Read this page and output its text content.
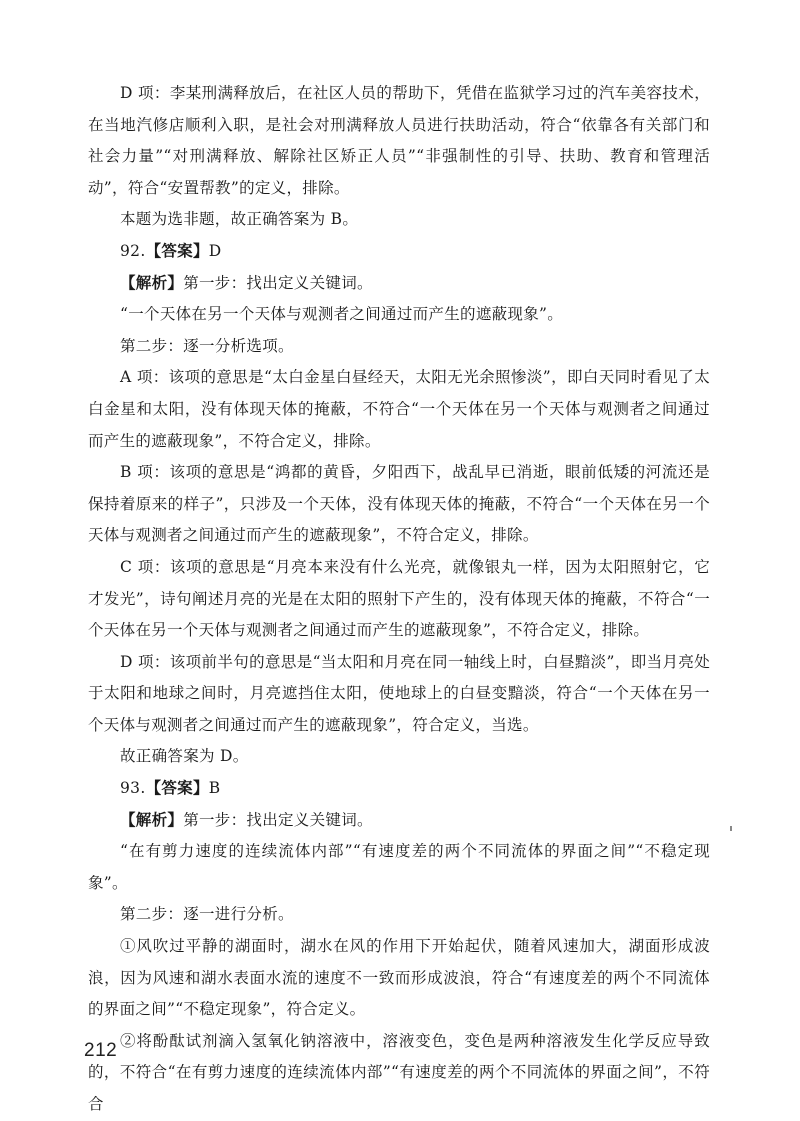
D 项：李某刑满释放后，在社区人员的帮助下，凭借在监狱学习过的汽车美容技术，在当地汽修店顺利入职，是社会对刑满释放人员进行扶助活动，符合“依靠各有关部门和社会力量”“对刑满释放、解除社区矫正人员”“非强制性的引导、扶助、教育和管理活动”，符合“安置帮教”的定义，排除。

本题为选非题，故正确答案为 B。

92.【答案】D

【解析】第一步：找出定义关键词。

“一个天体在另一个天体与观测者之间通过而产生的遮蔽现象”。

第二步：逐一分析选项。

A 项：该项的意思是“太白金星白昼经天，太阳无光余照惨淡”，即白天同时看见了太白金星和太阳，没有体现天体的掩蔽，不符合“一个天体在另一个天体与观测者之间通过而产生的遮蔽现象”，不符合定义，排除。

B 项：该项的意思是“鸿都的黄昏，夕阳西下，战乱早已消逝，眼前低矮的河流还是保持着原来的样子”，只涉及一个天体，没有体现天体的掩蔽，不符合“一个天体在另一个天体与观测者之间通过而产生的遮蔽现象”，不符合定义，排除。

C 项：该项的意思是“月亮本来没有什么光亮，就像银丸一样，因为太阳照射它，它才发光”，诗句阐述月亮的光是在太阳的照射下产生的，没有体现天体的掩蔽，不符合“一个天体在另一个天体与观测者之间通过而产生的遮蔽现象”，不符合定义，排除。

D 项：该项前半句的意思是“当太阳和月亮在同一轴线上时，白昼黯淡”，即当月亮处于太阳和地球之间时，月亮遮挡住太阳，使地球上的白昼变黯淡，符合“一个天体在另一个天体与观测者之间通过而产生的遮蔽现象”，符合定义，当选。

故正确答案为 D。

93.【答案】B

【解析】第一步：找出定义关键词。

“在有剪力速度的连续流体内部”“有速度差的两个不同流体的界面之间”“不稳定现象”。

第二步：逐一进行分析。

①风吹过平静的湖面时，湖水在风的作用下开始起伏，随着风速加大，湖面形成波浪，因为风速和湖水表面水流的速度不一致而形成波浪，符合“有速度差的两个不同流体的界面之间”“不稳定现象”，符合定义。

②将酚酞试剂滴入氢氧化钠溶液中，溶液变色，变色是两种溶液发生化学反应导致的，不符合“在有剪力速度的连续流体内部”“有速度差的两个不同流体的界面之间”，不符合

212
